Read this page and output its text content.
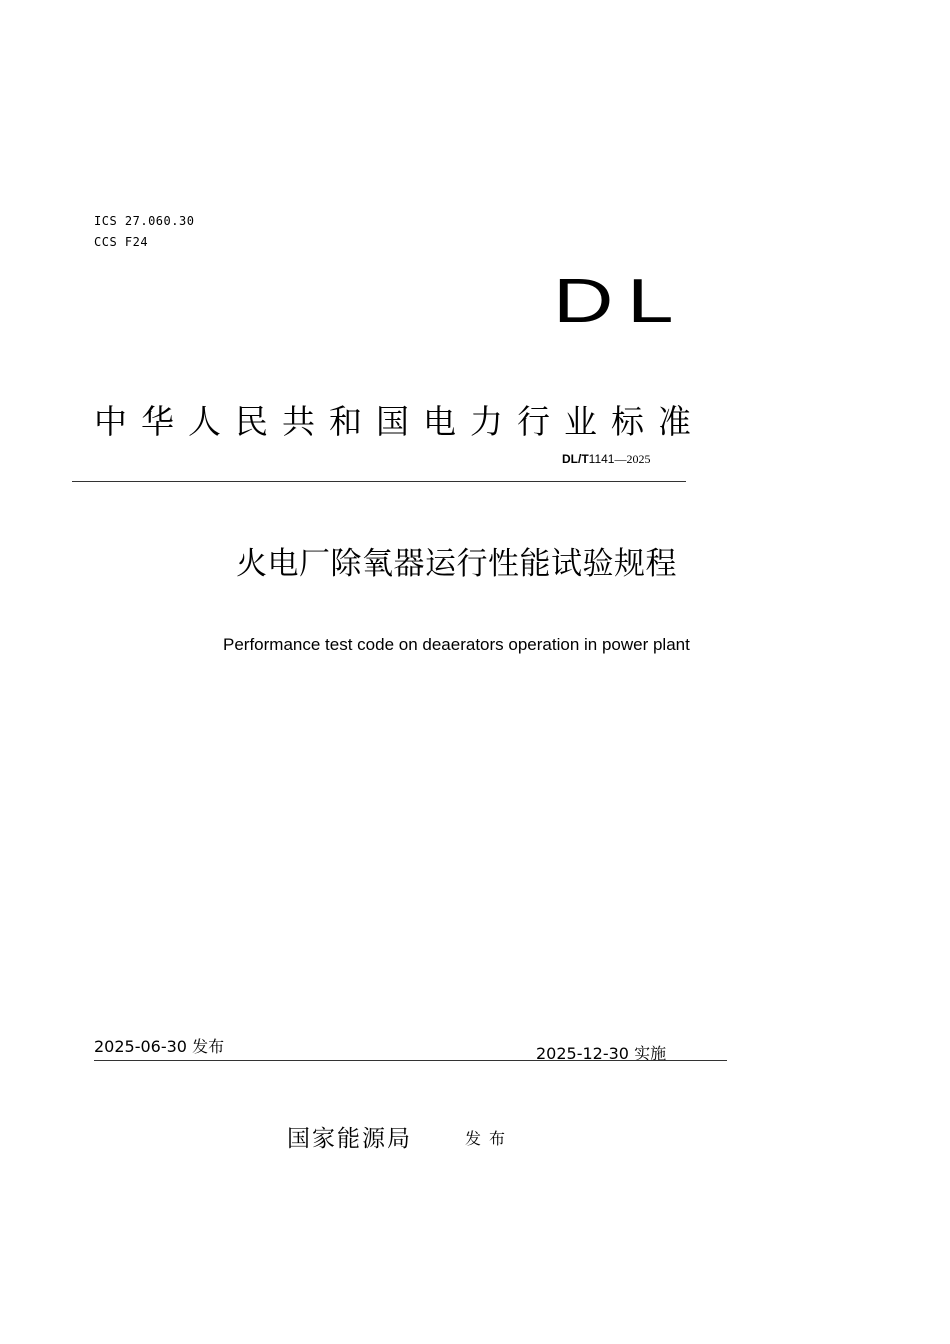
ICS 27.060.30
CCS F24
DL
中华人民共和国电力行业标准
DL/T1141—2025
火电厂除氧器运行性能试验规程
Performance test code on deaerators operation in power plant
2025-06-30 发布	2025-12-30 实施
国家能源局	发布
